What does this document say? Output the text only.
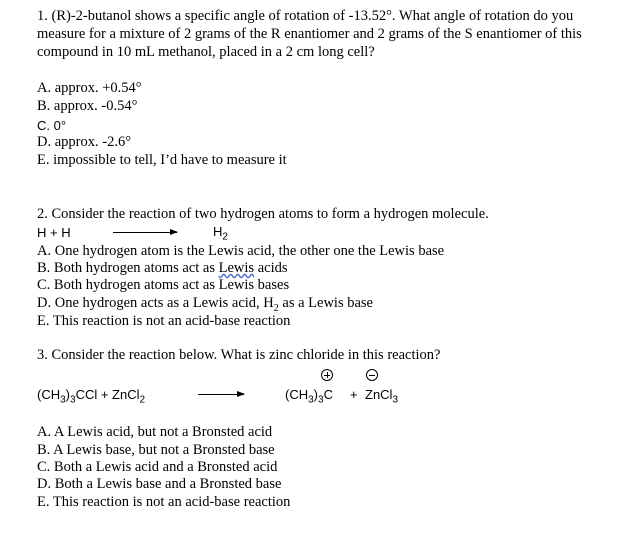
1. (R)-2-butanol shows a specific angle of rotation of -13.52°. What angle of rotation do you
measure for a mixture of 2 grams of the R enantiomer and 2 grams of the S enantiomer of this
compound in 10 mL methanol, placed in a 2 cm long cell?
A. approx. +0.54°
B. approx. -0.54°
C. 0°
D. approx. -2.6°
E. impossible to tell, I’d have to measure it
2. Consider the reaction of two hydrogen atoms to form a hydrogen molecule.
H + H	$H_2$
A. One hydrogen atom is the Lewis acid, the other one the Lewis base
B. Both hydrogen atoms act as Lewis acids
C. Both hydrogen atoms act as Lewis bases
D. One hydrogen acts as a Lewis acid, $H_2$ as a Lewis base
E. This reaction is not an acid-base reaction
3. Consider the reaction below. What is zinc chloride in this reaction?
$(CH_3)_3CCl$ + ZnCl$_2$	$(CH_3)_3C$ + ZnCl$_3$
A. A Lewis acid, but not a Bronsted acid
B. A Lewis base, but not a Bronsted base
C. Both a Lewis acid and a Bronsted acid
D. Both a Lewis base and a Bronsted base
E. This reaction is not an acid-base reaction
